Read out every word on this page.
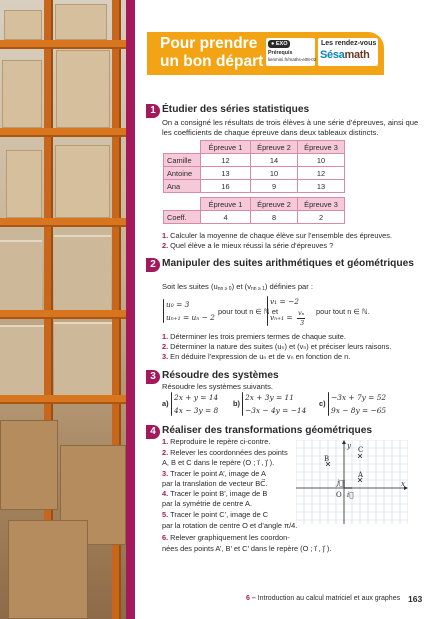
Pour prendre
un bon départ
● EXO
Prérequis
lienmini.fr/maths-e08-02
Les rendez-vous
Sésamath
1 Étudier des séries statistiques
On a consigné les résultats de trois élèves à une série d’épreuves, ainsi que
les coefficients de chaque épreuve dans deux tableaux distincts.
	Épreuve 1	Épreuve 2	Épreuve 3
Camille	12	14	10
Antoine	13	10	12
Ana	16	9	13
	Épreuve 1	Épreuve 2	Épreuve 3
Coeff.	4	8	2
1. Calculer la moyenne de chaque élève sur l’ensemble des épreuves.
2. Quel élève a le mieux réussi la série d’épreuves ?
2 Manipuler des suites arithmétiques et géométriques
Soit les suites $(u_{nn \ge 0})$ et $(v_{nn \ge 1})$ définies par :
u₀ = 3
uₙ₊₁ = uₙ − 2
pour tout n ∈ ℕ et
v₁ = −2
vₙ₊₁ = vₙ
3
pour tout n ∈ ℕ.
1. Déterminer les trois premiers termes de chaque suite.
2. Déterminer la nature des suites (uₙ) et (vₙ) et préciser leurs raisons.
3. En déduire l’expression de uₙ et de vₙ en fonction de n.
3 Résoudre des systèmes
Résoudre les systèmes suivants.
a)
2x + y = 14
4x − 3y = 8
b)
2x + 3y = 11
−3x − 4y = −14
c)
−3x + 7y = 52
9x − 8y = −65
4 Réaliser des transformations géométriques
1. Reproduire le repère ci-contre.
2. Relever les coordonnées des points
A, B et C dans le repère (O ; i⃗ , j⃗ ).
3. Tracer le point A’, image de A
par la translation de vecteur BC⃗.
4. Tracer le point B’, image de B
par la symétrie de centre A.
5. Tracer le point C’, image de C
par la rotation de centre O et d’angle π/4.
6. Relever graphiquement les coordon-
nées des points A’, B’ et C’ dans le repère (O ; i⃗ , j⃗ ).
y
x
O i⃗
j⃗
A
B
C
6 – Introduction au calcul matriciel et aux graphes 163
